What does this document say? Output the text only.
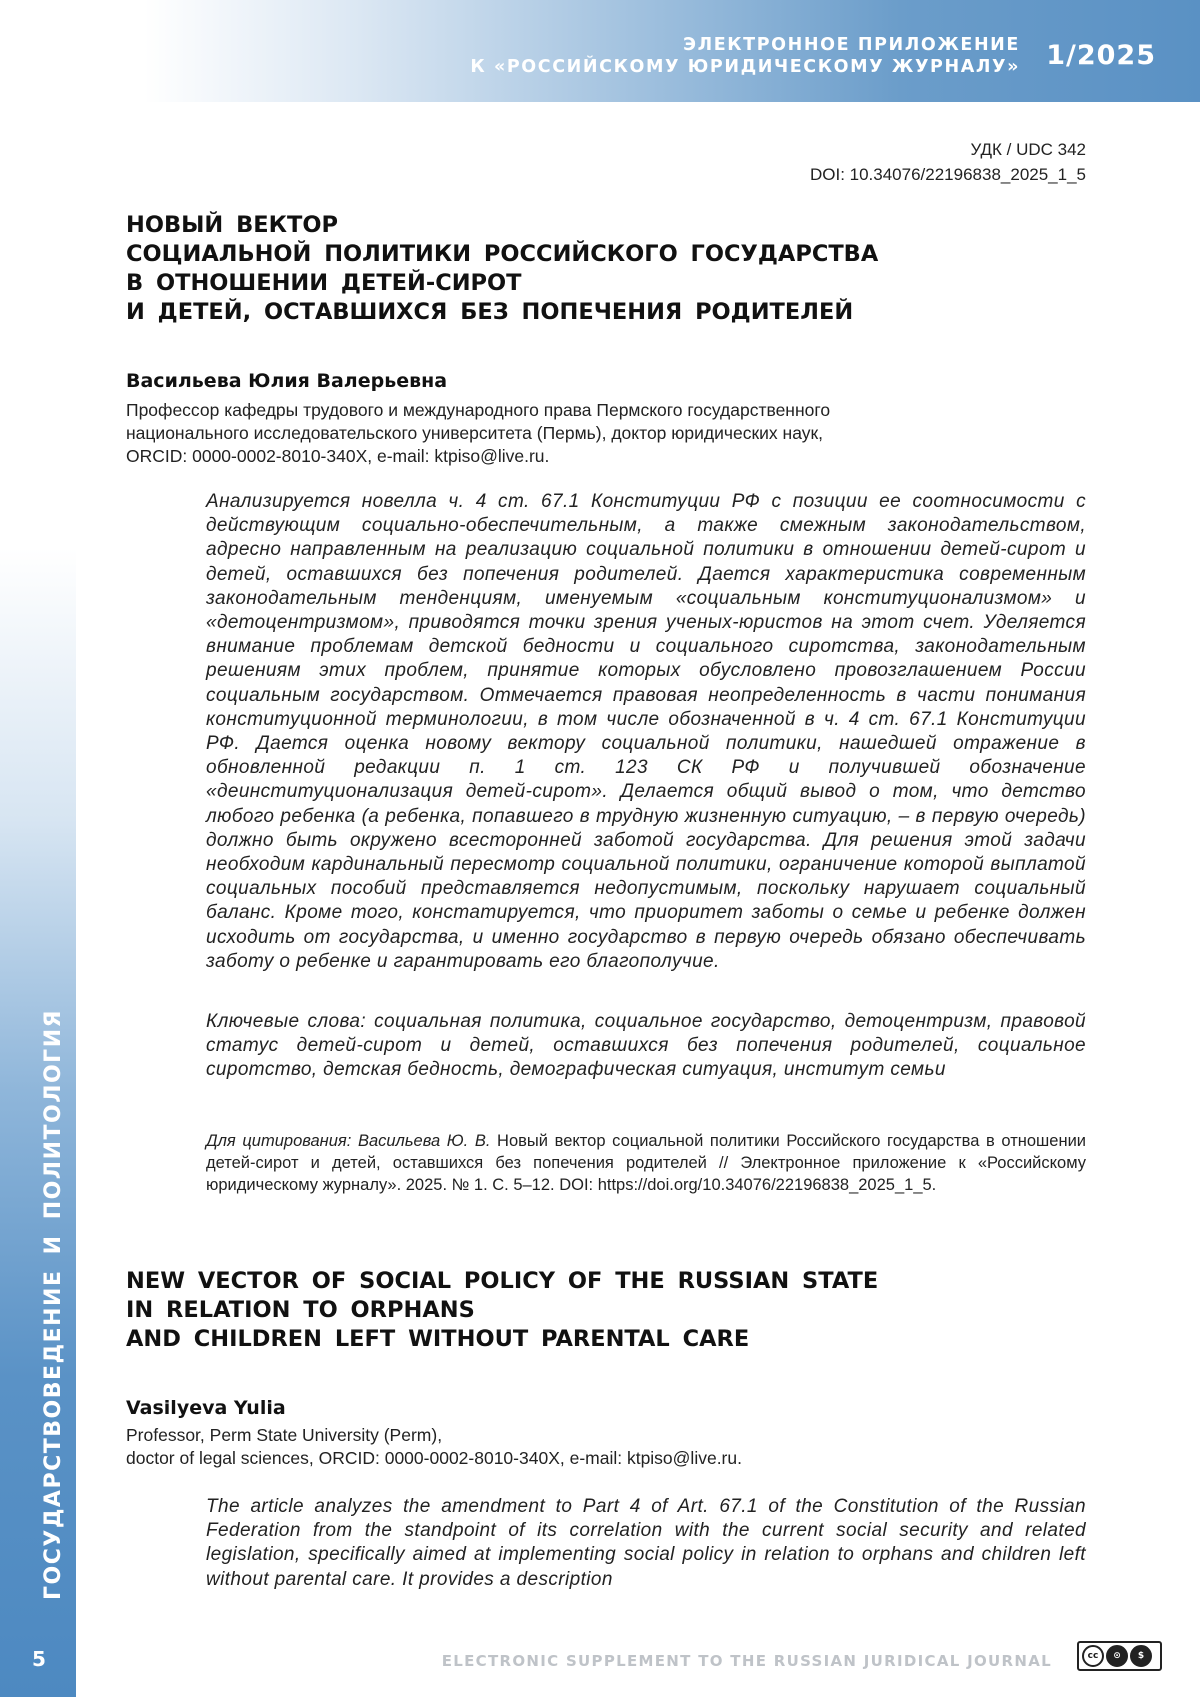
ЭЛЕКТРОННОЕ ПРИЛОЖЕНИЕ
К «РОССИЙСКОМУ ЮРИДИЧЕСКОМУ ЖУРНАЛУ» 1/2025
ГОСУДАРСТВОВЕДЕНИЕ И ПОЛИТОЛОГИЯ
5
УДК / UDC 342
DOI: 10.34076/22196838_2025_1_5
НОВЫЙ ВЕКТОР
СОЦИАЛЬНОЙ ПОЛИТИКИ РОССИЙСКОГО ГОСУДАРСТВА
В ОТНОШЕНИИ ДЕТЕЙ-СИРОТ
И ДЕТЕЙ, ОСТАВШИХСЯ БЕЗ ПОПЕЧЕНИЯ РОДИТЕЛЕЙ
Васильева Юлия Валерьевна
Профессор кафедры трудового и международного права Пермского государственного
национального исследовательского университета (Пермь), доктор юридических наук,
ORCID: 0000-0002-8010-340X, e-mail: ktpiso@live.ru.

Анализируется новелла ч. 4 ст. 67.1 Конституции РФ с позиции ее соотносимости с действующим социально-обеспечительным, а также смежным законодательством, адресно направленным на реализацию социальной политики в отношении детей-сирот и детей, оставшихся без попечения родителей. Дается характеристика современным законодательным тенденциям, именуемым «социальным конституционализмом» и «детоцентризмом», приводятся точки зрения ученых-юристов на этот счет. Уделяется внимание проблемам детской бедности и социального сиротства, законодательным решениям этих проблем, принятие которых обусловлено провозглашением России социальным государством. Отмечается правовая неопределенность в части понимания конституционной терминологии, в том числе обозначенной в ч. 4 ст. 67.1 Конституции РФ. Дается оценка новому вектору социальной политики, нашедшей отражение в обновленной редакции п. 1 ст. 123 СК РФ и получившей обозначение «деинституционализация детей-сирот». Делается общий вывод о том, что детство любого ребенка (а ребенка, попавшего в трудную жизненную ситуацию, – в первую очередь) должно быть окружено всесторонней заботой государства. Для решения этой задачи необходим кардинальный пересмотр социальной политики, ограничение которой выплатой социальных пособий представляется недопустимым, поскольку нарушает социальный баланс. Кроме того, констатируется, что приоритет заботы о семье и ребенке должен исходить от государства, и именно государство в первую очередь обязано обеспечивать заботу о ребенке и гарантировать его благополучие.

Ключевые слова: социальная политика, социальное государство, детоцентризм, правовой статус детей-сирот и детей, оставшихся без попечения родителей, социальное сиротство, детская бедность, демографическая ситуация, институт семьи

Для цитирования: Васильева Ю. В. Новый вектор социальной политики Российского государства в отношении детей-сирот и детей, оставшихся без попечения родителей // Электронное приложение к «Российскому юридическому журналу». 2025. № 1. С. 5–12. DOI: https://doi.org/10.34076/22196838_2025_1_5.

NEW VECTOR OF SOCIAL POLICY OF THE RUSSIAN STATE
IN RELATION TO ORPHANS
AND CHILDREN LEFT WITHOUT PARENTAL CARE
Vasilyeva Yulia
Professor, Perm State University (Perm),
doctor of legal sciences, ORCID: 0000-0002-8010-340X, e-mail: ktpiso@live.ru.

The article analyzes the amendment to Part 4 of Art. 67.1 of the Constitution of the Russian Federation from the standpoint of its correlation with the current social security and related legislation, specifically aimed at implementing social policy in relation to orphans and children left without parental care. It provides a description

ELECTRONIC SUPPLEMENT TO THE RUSSIAN JURIDICAL JOURNAL	cc	⊙	$
